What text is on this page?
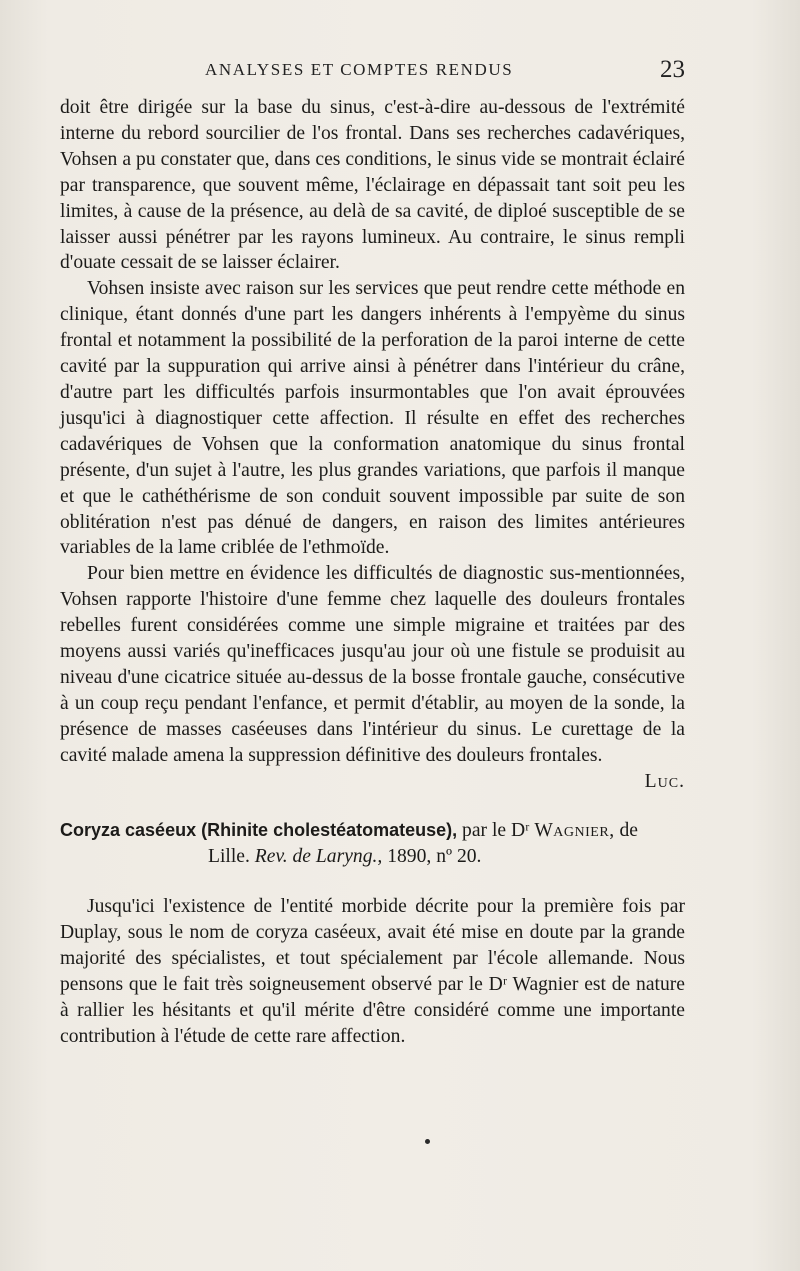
ANALYSES ET COMPTES RENDUS	23

doit être dirigée sur la base du sinus, c'est-à-dire au-dessous de l'extrémité interne du rebord sourcilier de l'os frontal. Dans ses recherches cadavériques, Vohsen a pu constater que, dans ces conditions, le sinus vide se montrait éclairé par transparence, que souvent même, l'éclairage en dépassait tant soit peu les limites, à cause de la présence, au delà de sa cavité, de diploé susceptible de se laisser aussi pénétrer par les rayons lumineux. Au contraire, le sinus rempli d'ouate cessait de se laisser éclairer.

Vohsen insiste avec raison sur les services que peut rendre cette méthode en clinique, étant donnés d'une part les dangers inhérents à l'empyème du sinus frontal et notamment la possibilité de la perforation de la paroi interne de cette cavité par la suppuration qui arrive ainsi à pénétrer dans l'intérieur du crâne, d'autre part les difficultés parfois insurmontables que l'on avait éprouvées jusqu'ici à diagnostiquer cette affection. Il résulte en effet des recherches cadavériques de Vohsen que la conformation anatomique du sinus frontal présente, d'un sujet à l'autre, les plus grandes variations, que parfois il manque et que le cathéthérisme de son conduit souvent impossible par suite de son oblitération n'est pas dénué de dangers, en raison des limites antérieures variables de la lame criblée de l'ethmoïde.

Pour bien mettre en évidence les difficultés de diagnostic sus-mentionnées, Vohsen rapporte l'histoire d'une femme chez laquelle des douleurs frontales rebelles furent considérées comme une simple migraine et traitées par des moyens aussi variés qu'inefficaces jusqu'au jour où une fistule se produisit au niveau d'une cicatrice située au-dessus de la bosse frontale gauche, consécutive à un coup reçu pendant l'enfance, et permit d'établir, au moyen de la sonde, la présence de masses caséeuses dans l'intérieur du sinus. Le curettage de la cavité malade amena la suppression définitive des douleurs frontales.

Luc.
Coryza caséeux (Rhinite cholestéatomateuse), par le Dʳ Wagnier, de
Lille. Rev. de Laryng., 1890, nº 20.

Jusqu'ici l'existence de l'entité morbide décrite pour la première fois par Duplay, sous le nom de coryza caséeux, avait été mise en doute par la grande majorité des spécialistes, et tout spécialement par l'école allemande. Nous pensons que le fait très soigneusement observé par le Dʳ Wagnier est de nature à rallier les hésitants et qu'il mérite d'être considéré comme une importante contribution à l'étude de cette rare affection.
